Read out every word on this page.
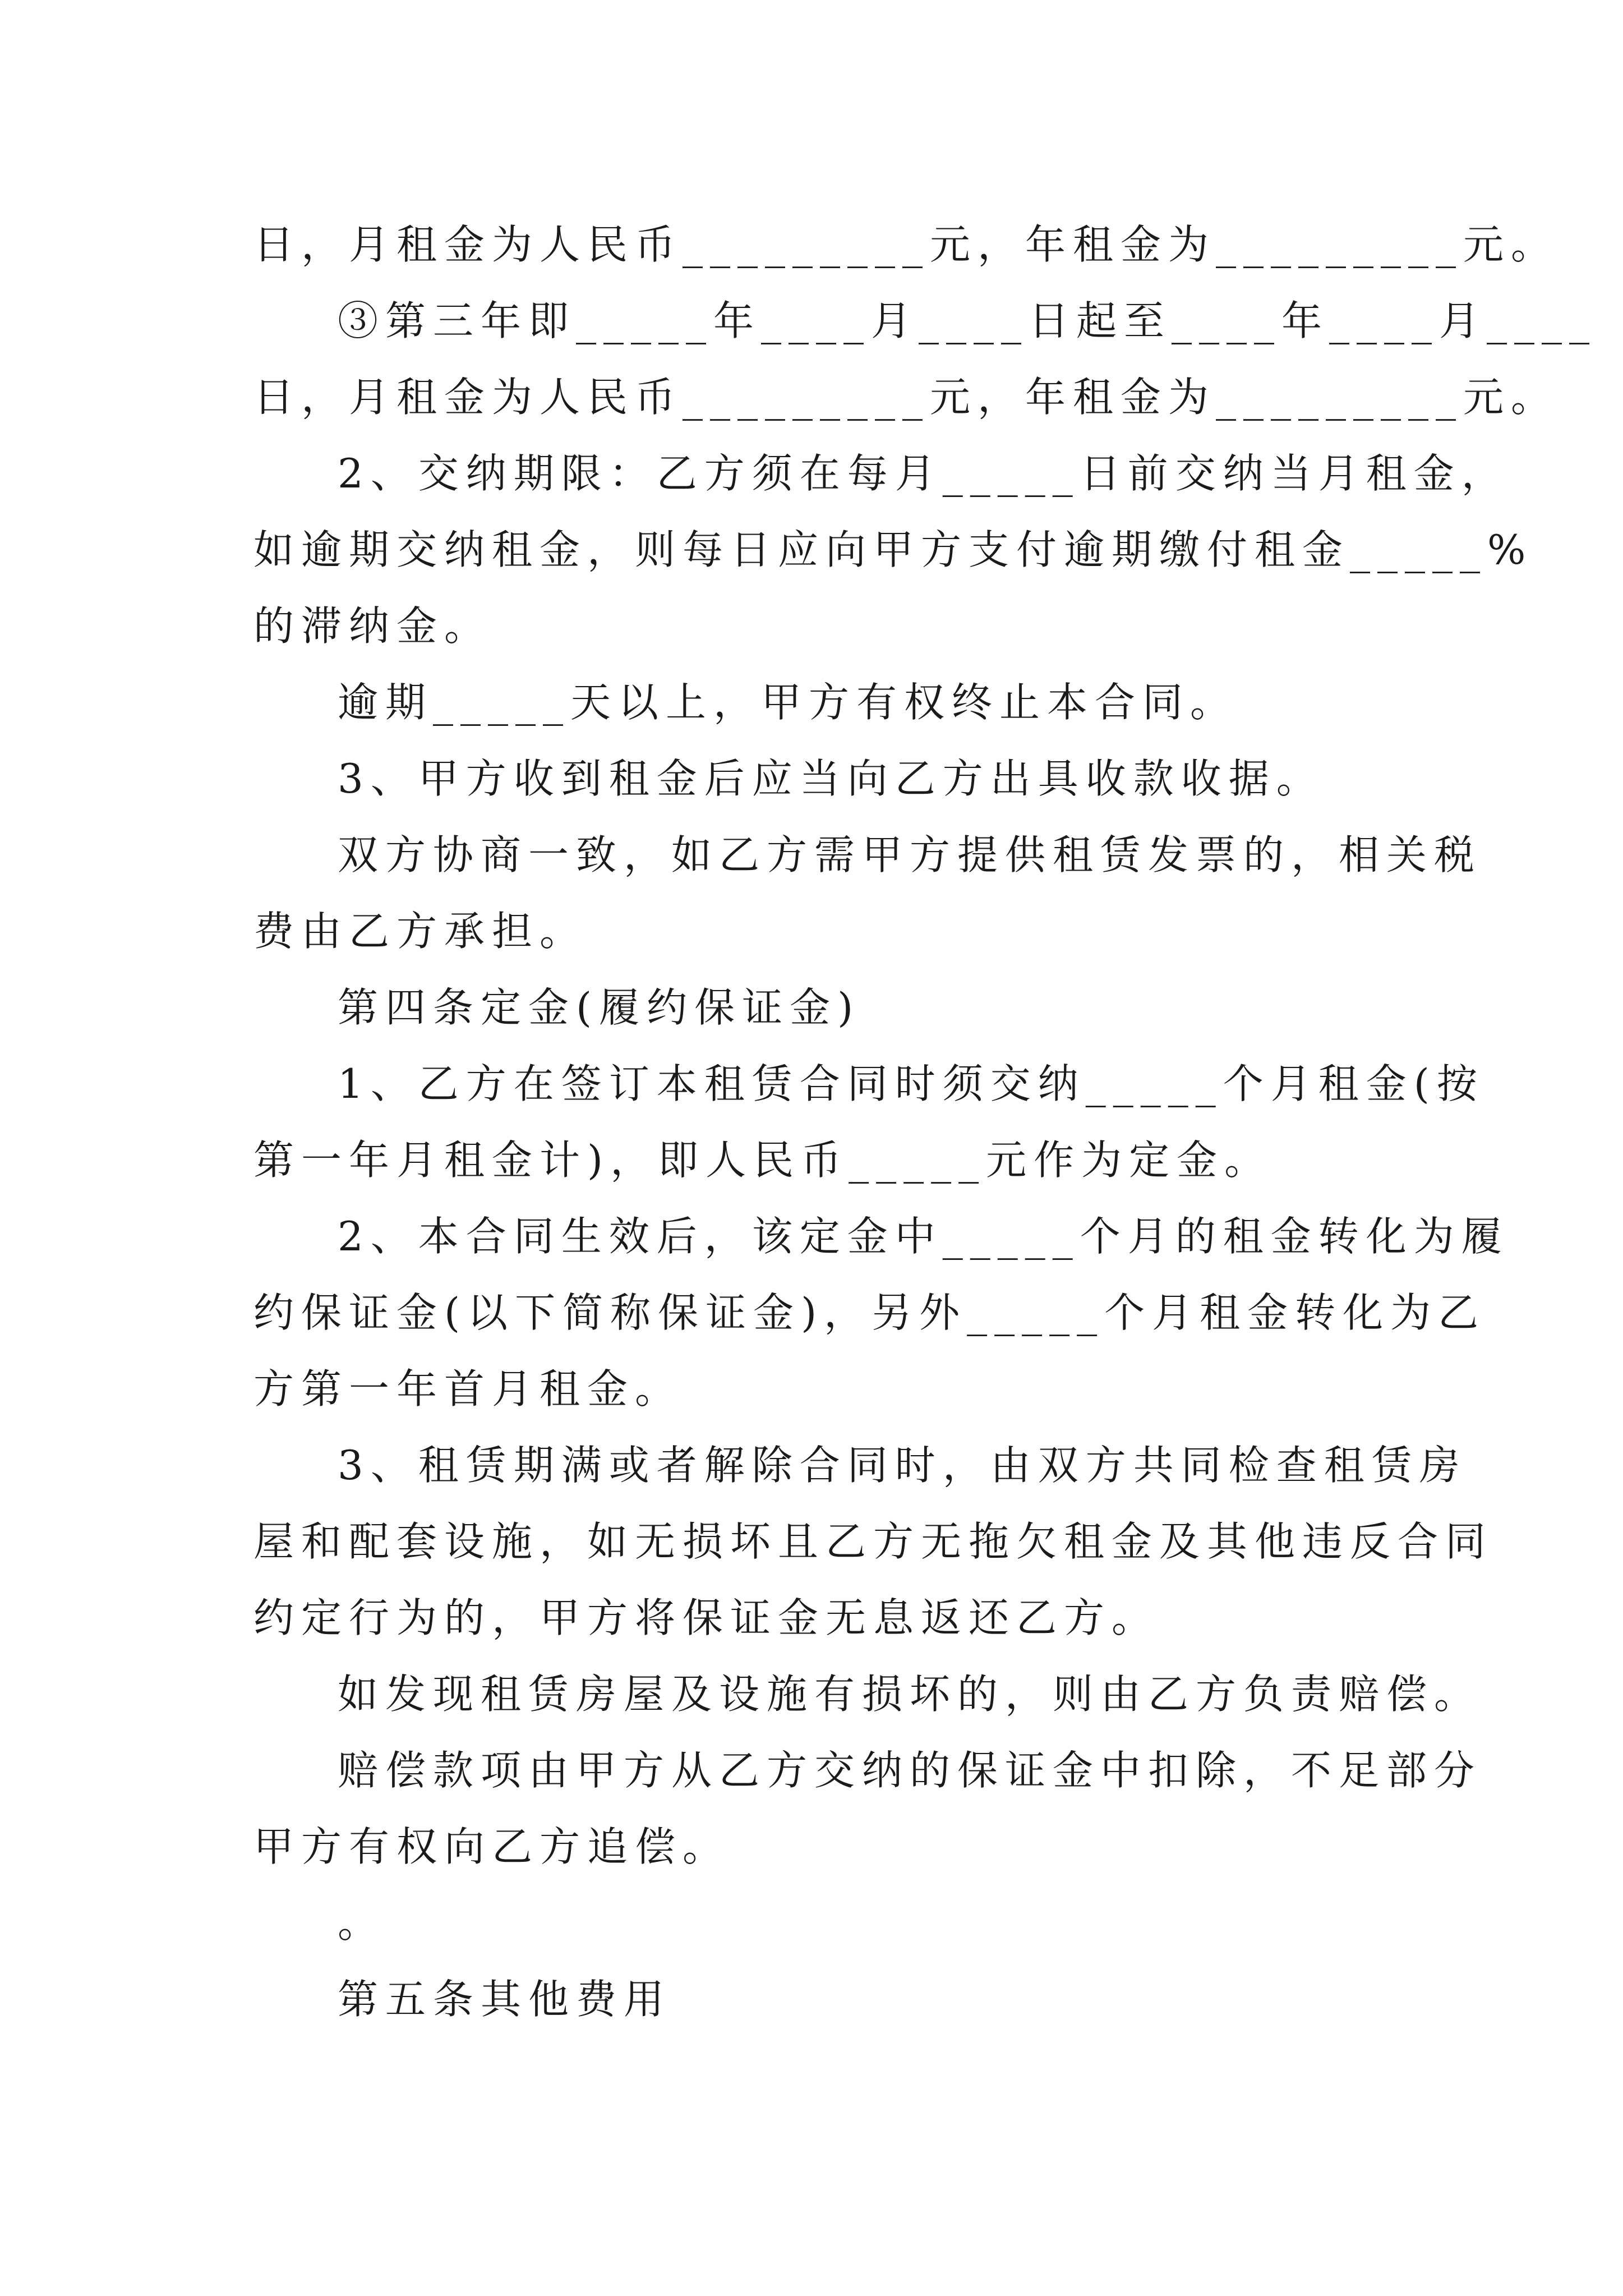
日，月租金为人民币_________元，年租金为_________元。
③第三年即_____年____月____日起至____年____月____
日，月租金为人民币_________元，年租金为_________元。
2、交纳期限：乙方须在每月_____日前交纳当月租金，
如逾期交纳租金，则每日应向甲方支付逾期缴付租金_____%
的滞纳金。
逾期_____天以上，甲方有权终止本合同。
3、甲方收到租金后应当向乙方出具收款收据。
双方协商一致，如乙方需甲方提供租赁发票的，相关税
费由乙方承担。
第四条定金(履约保证金)
1、乙方在签订本租赁合同时须交纳_____个月租金(按
第一年月租金计)，即人民币_____元作为定金。
2、本合同生效后，该定金中_____个月的租金转化为履
约保证金(以下简称保证金)，另外_____个月租金转化为乙
方第一年首月租金。
3、租赁期满或者解除合同时，由双方共同检查租赁房
屋和配套设施，如无损坏且乙方无拖欠租金及其他违反合同
约定行为的，甲方将保证金无息返还乙方。
如发现租赁房屋及设施有损坏的，则由乙方负责赔偿。
赔偿款项由甲方从乙方交纳的保证金中扣除，不足部分
甲方有权向乙方追偿。
。
第五条其他费用
